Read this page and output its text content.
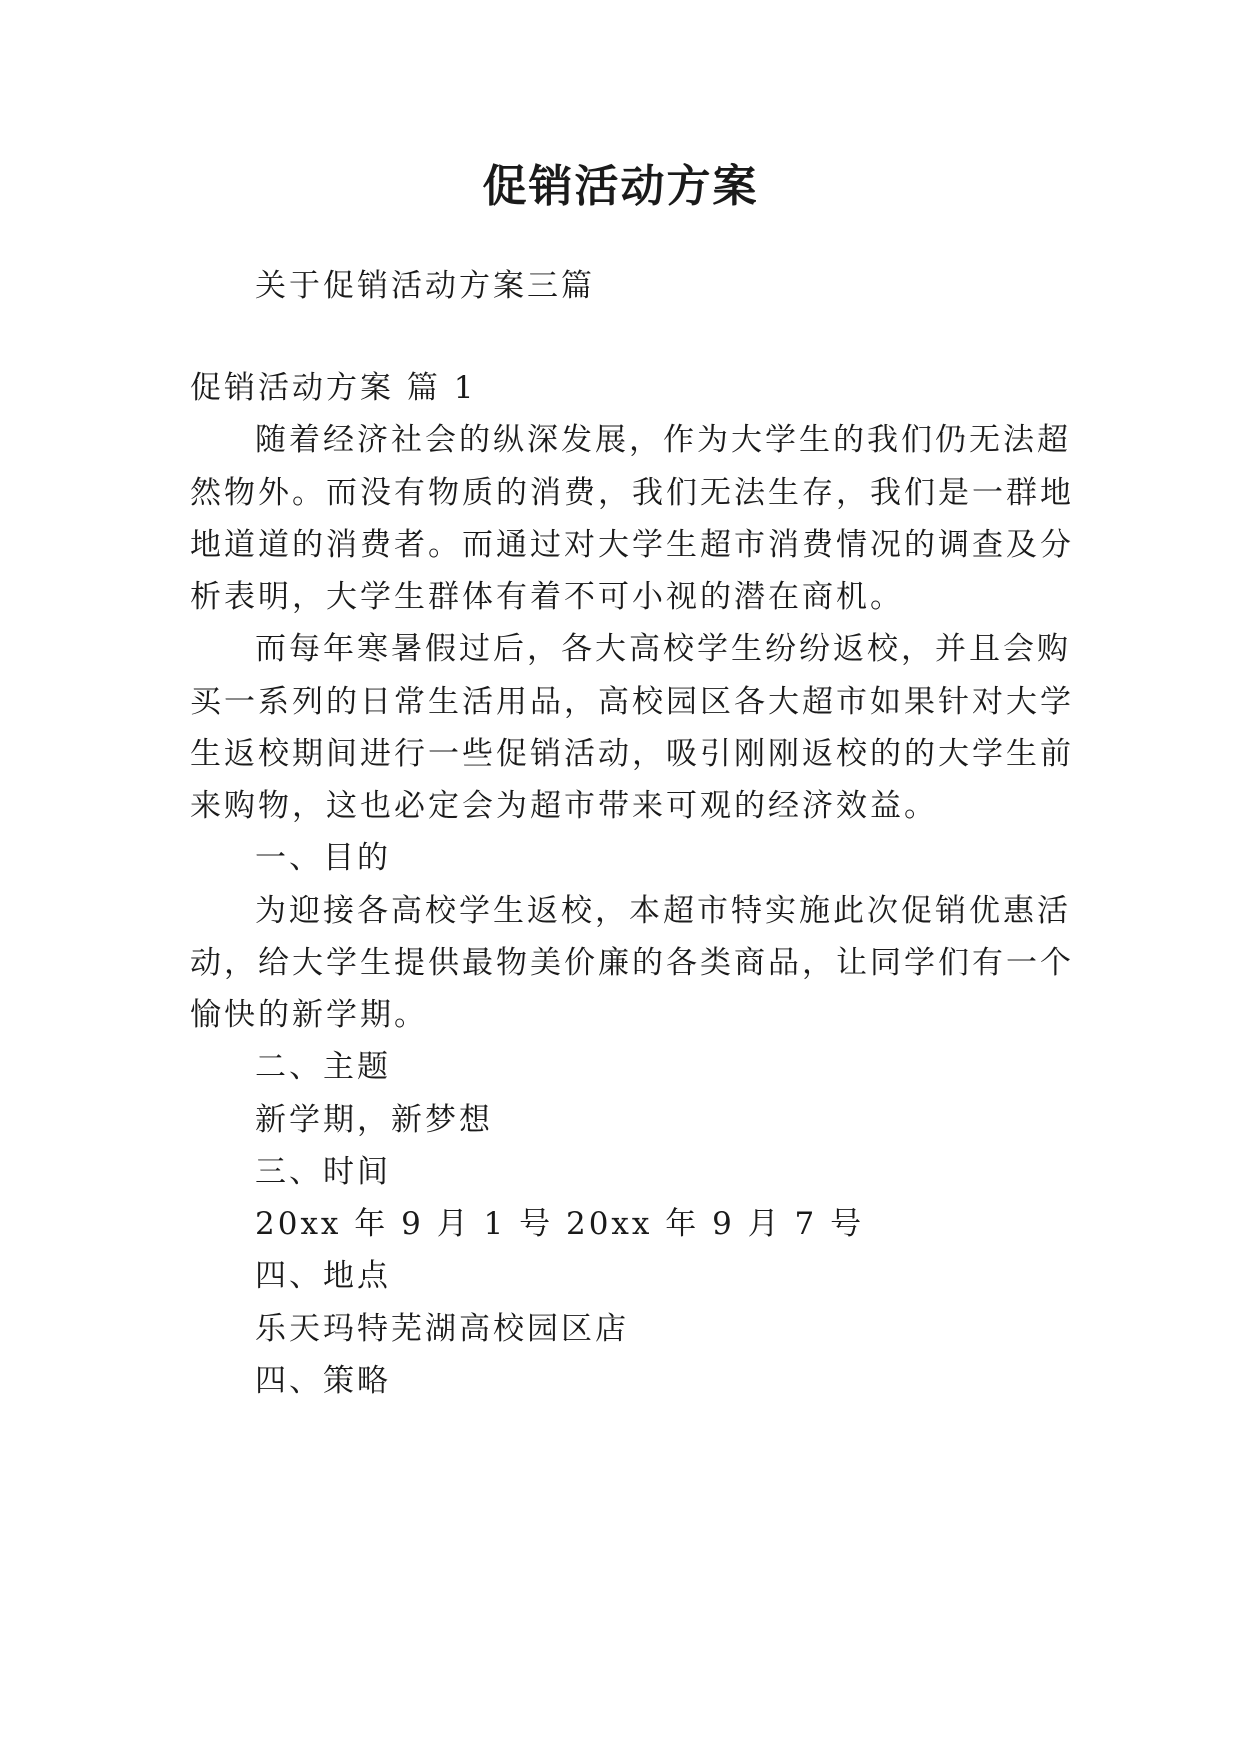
促销活动方案
关于促销活动方案三篇
促销活动方案 篇 1
随着经济社会的纵深发展，作为大学生的我们仍无法超
然物外。而没有物质的消费，我们无法生存，我们是一群地
地道道的消费者。而通过对大学生超市消费情况的调查及分
析表明，大学生群体有着不可小视的潜在商机。
而每年寒暑假过后，各大高校学生纷纷返校，并且会购
买一系列的日常生活用品，高校园区各大超市如果针对大学
生返校期间进行一些促销活动，吸引刚刚返校的的大学生前
来购物，这也必定会为超市带来可观的经济效益。
一、目的
为迎接各高校学生返校，本超市特实施此次促销优惠活
动，给大学生提供最物美价廉的各类商品，让同学们有一个
愉快的新学期。
二、主题
新学期，新梦想
三、时间
20xx 年 9 月 1 号 20xx 年 9 月 7 号
四、地点
乐天玛特芜湖高校园区店
四、策略
